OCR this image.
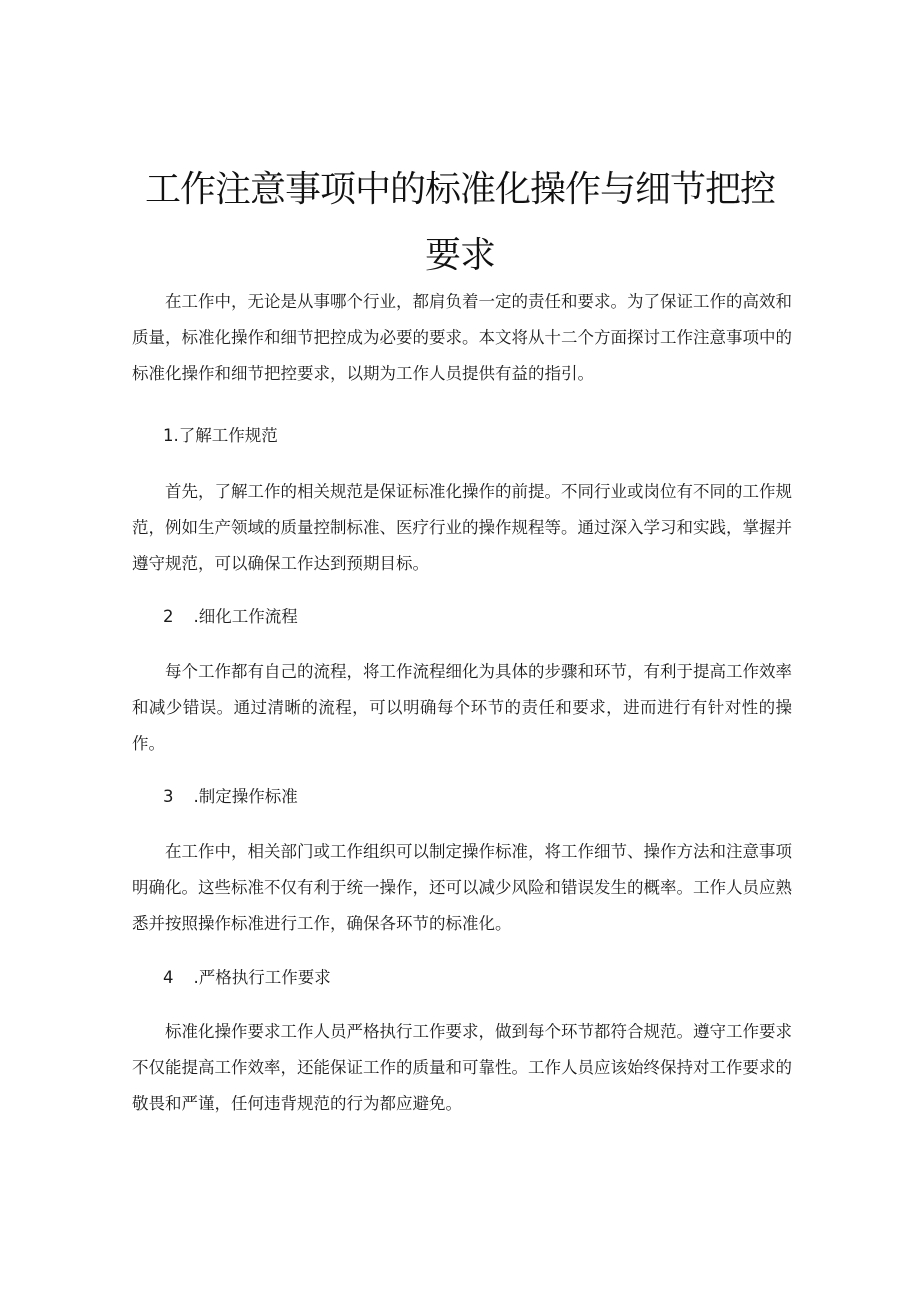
工作注意事项中的标准化操作与细节把控要求

在工作中，无论是从事哪个行业，都肩负着一定的责任和要求。为了保证工作的高效和质量，标准化操作和细节把控成为必要的要求。本文将从十二个方面探讨工作注意事项中的标准化操作和细节把控要求，以期为工作人员提供有益的指引。

1.了解工作规范

首先，了解工作的相关规范是保证标准化操作的前提。不同行业或岗位有不同的工作规范，例如生产领域的质量控制标准、医疗行业的操作规程等。通过深入学习和实践，掌握并遵守规范，可以确保工作达到预期目标。

2 .细化工作流程

每个工作都有自己的流程，将工作流程细化为具体的步骤和环节，有利于提高工作效率和减少错误。通过清晰的流程，可以明确每个环节的责任和要求，进而进行有针对性的操作。

3 .制定操作标准

在工作中，相关部门或工作组织可以制定操作标准，将工作细节、操作方法和注意事项明确化。这些标准不仅有利于统一操作，还可以减少风险和错误发生的概率。工作人员应熟悉并按照操作标准进行工作，确保各环节的标准化。

4 .严格执行工作要求

标准化操作要求工作人员严格执行工作要求，做到每个环节都符合规范。遵守工作要求不仅能提高工作效率，还能保证工作的质量和可靠性。工作人员应该始终保持对工作要求的敬畏和严谨，任何违背规范的行为都应避免。
